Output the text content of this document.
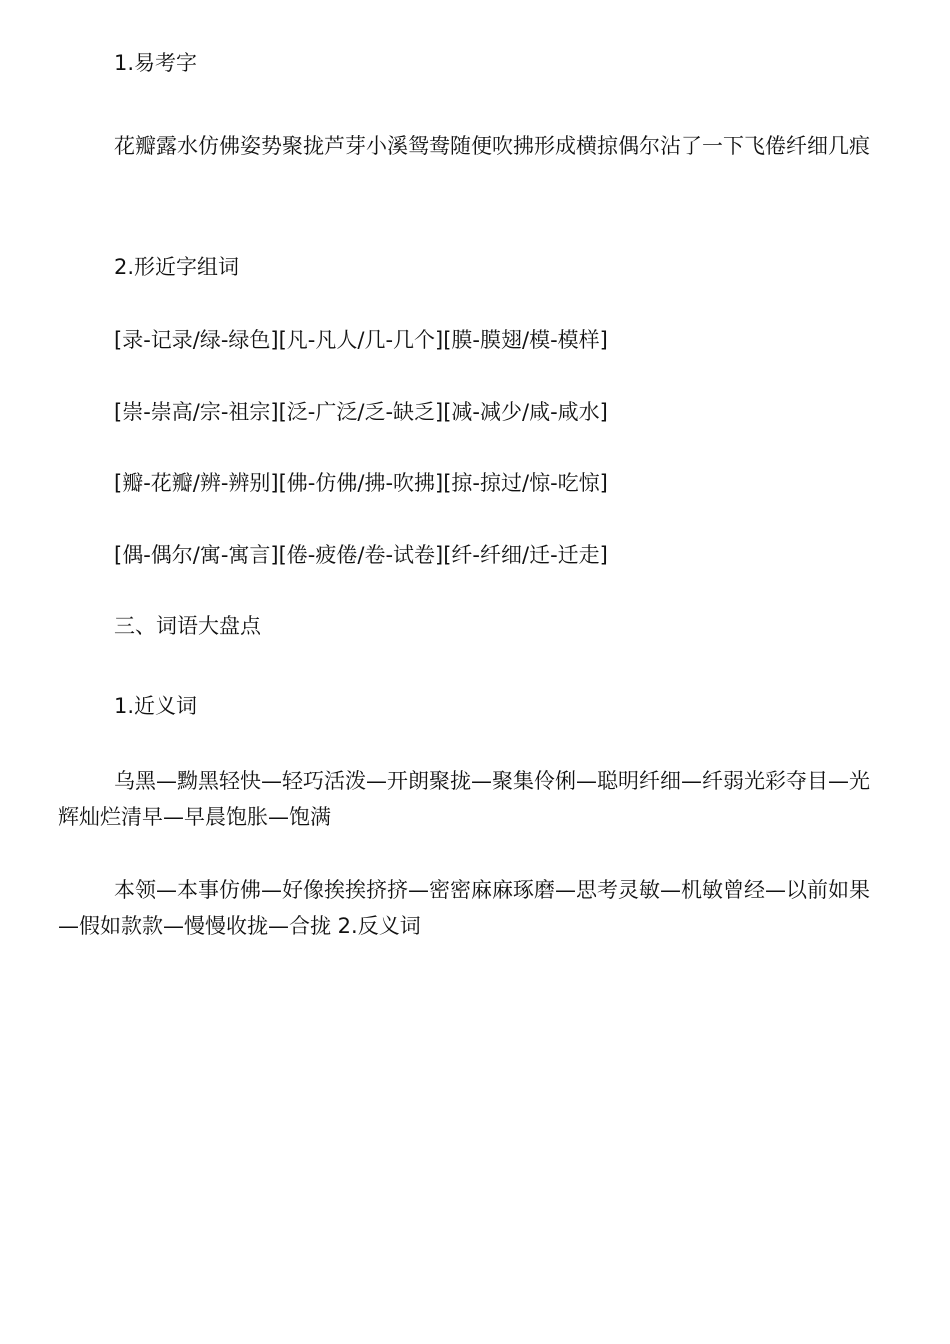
1.易考字

花瓣露水仿佛姿势聚拢芦芽小溪鸳鸯随便吹拂形成横掠偶尔沾了一下飞倦纤细几痕

2.形近字组词

[录-记录/绿-绿色][凡-凡人/几-几个][膜-膜翅/模-模样]

[崇-崇高/宗-祖宗][泛-广泛/乏-缺乏][减-减少/咸-咸水]

[瓣-花瓣/辨-辨别][佛-仿佛/拂-吹拂][掠-掠过/惊-吃惊]

[偶-偶尔/寓-寓言][倦-疲倦/卷-试卷][纤-纤细/迁-迁走]

三、词语大盘点

1.近义词

乌黑—黝黑轻快—轻巧活泼—开朗聚拢—聚集伶俐—聪明纤细—纤弱光彩夺目—光辉灿烂清早—早晨饱胀—饱满

本领—本事仿佛—好像挨挨挤挤—密密麻麻琢磨—思考灵敏—机敏曾经—以前如果—假如款款—慢慢收拢—合拢 2.反义词
